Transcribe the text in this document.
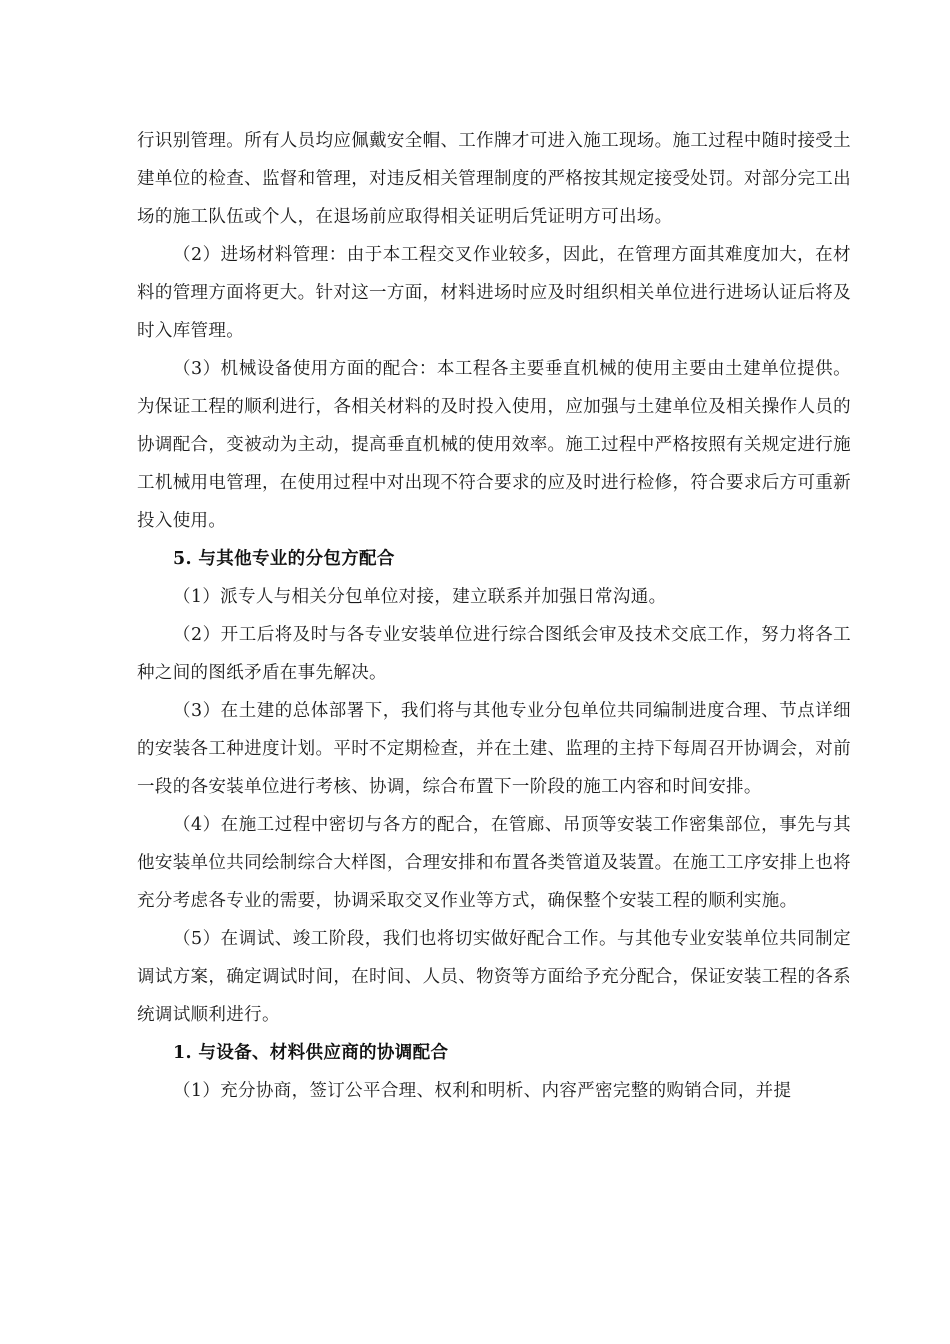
行识别管理。所有人员均应佩戴安全帽、工作牌才可进入施工现场。施工过程中随时接受土建单位的检查、监督和管理，对违反相关管理制度的严格按其规定接受处罚。对部分完工出场的施工队伍或个人，在退场前应取得相关证明后凭证明方可出场。

（2）进场材料管理：由于本工程交叉作业较多，因此，在管理方面其难度加大，在材料的管理方面将更大。针对这一方面，材料进场时应及时组织相关单位进行进场认证后将及时入库管理。

（3）机械设备使用方面的配合：本工程各主要垂直机械的使用主要由土建单位提供。为保证工程的顺利进行，各相关材料的及时投入使用，应加强与土建单位及相关操作人员的协调配合，变被动为主动，提高垂直机械的使用效率。施工过程中严格按照有关规定进行施工机械用电管理，在使用过程中对出现不符合要求的应及时进行检修，符合要求后方可重新投入使用。

5. 与其他专业的分包方配合

（1）派专人与相关分包单位对接，建立联系并加强日常沟通。

（2）开工后将及时与各专业安装单位进行综合图纸会审及技术交底工作，努力将各工种之间的图纸矛盾在事先解决。

（3）在土建的总体部署下，我们将与其他专业分包单位共同编制进度合理、节点详细的安装各工种进度计划。平时不定期检查，并在土建、监理的主持下每周召开协调会，对前一段的各安装单位进行考核、协调，综合布置下一阶段的施工内容和时间安排。

（4）在施工过程中密切与各方的配合，在管廊、吊顶等安装工作密集部位，事先与其他安装单位共同绘制综合大样图，合理安排和布置各类管道及装置。在施工工序安排上也将充分考虑各专业的需要，协调采取交叉作业等方式，确保整个安装工程的顺利实施。

（5）在调试、竣工阶段，我们也将切实做好配合工作。与其他专业安装单位共同制定调试方案，确定调试时间，在时间、人员、物资等方面给予充分配合，保证安装工程的各系统调试顺利进行。

1. 与设备、材料供应商的协调配合

（1）充分协商，签订公平合理、权利和明析、内容严密完整的购销合同，并提
